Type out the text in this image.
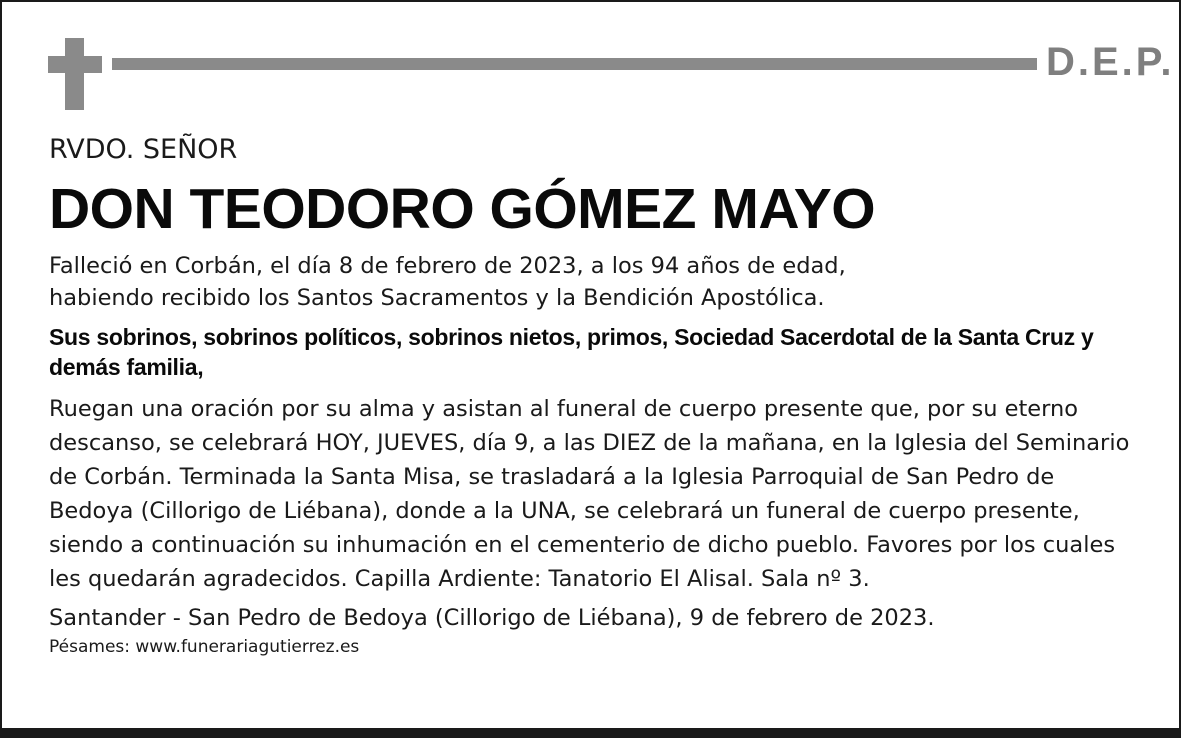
D.E.P.

RVDO. SEÑOR

DON TEODORO GÓMEZ MAYO

Falleció en Corbán, el día 8 de febrero de 2023, a los 94 años de edad,

habiendo recibido los Santos Sacramentos y la Bendición Apostólica.

Sus sobrinos, sobrinos políticos, sobrinos nietos, primos, Sociedad Sacerdotal de la Santa Cruz y demás familia,

Ruegan una oración por su alma y asistan al funeral de cuerpo presente que, por su eterno descanso, se celebrará HOY, JUEVES, día 9, a las DIEZ de la mañana, en la Iglesia del Seminario de Corbán. Terminada la Santa Misa, se trasladará a la Iglesia Parroquial de San Pedro de Bedoya (Cillorigo de Liébana), donde a la UNA, se celebrará un funeral de cuerpo presente, siendo a continuación su inhumación en el cementerio de dicho pueblo. Favores por los cuales les quedarán agradecidos. Capilla Ardiente: Tanatorio El Alisal. Sala nº 3.

Santander - San Pedro de Bedoya (Cillorigo de Liébana), 9 de febrero de 2023.

Pésames: www.funerariagutierrez.es
